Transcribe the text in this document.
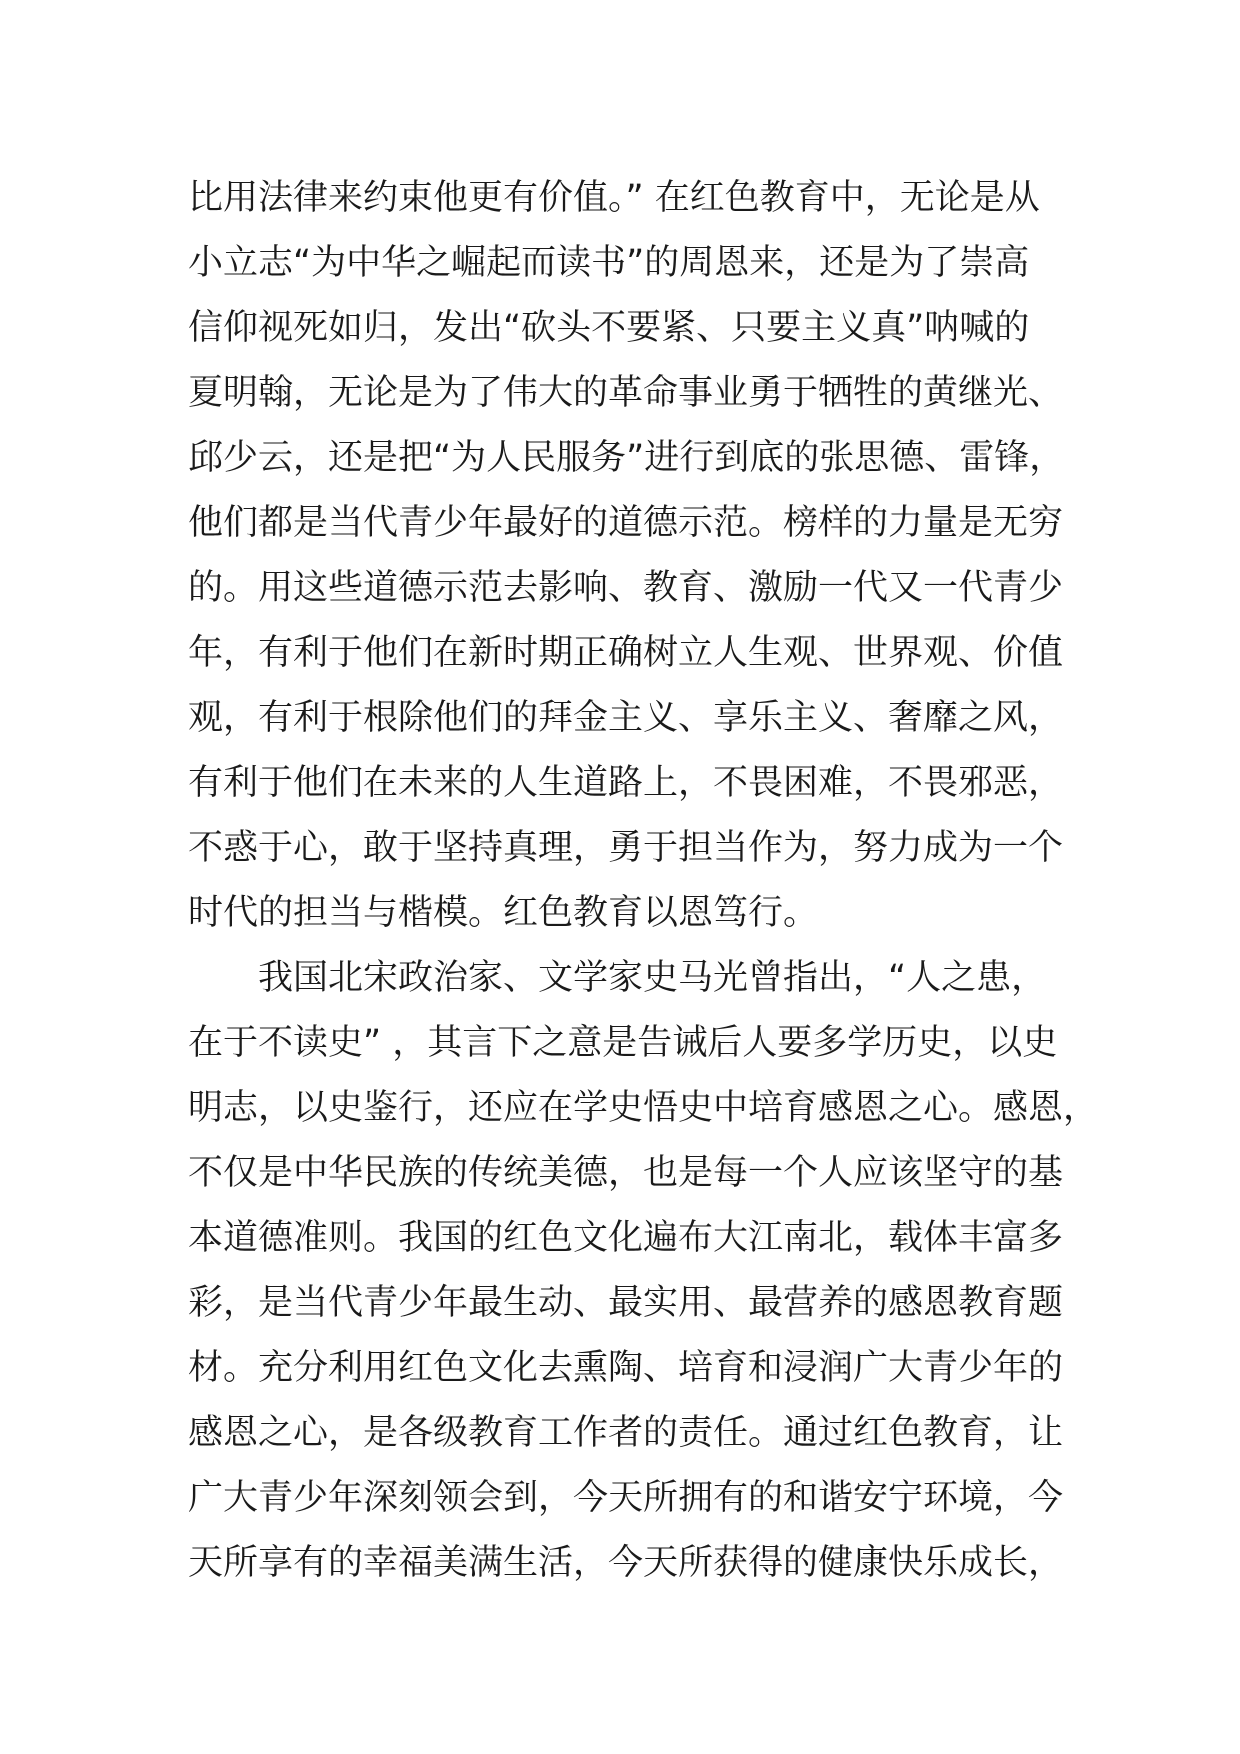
比用法律来约束他更有价值。” 在红色教育中，无论是从
小立志“为中华之崛起而读书”的周恩来，还是为了崇高
信仰视死如归，发出“砍头不要紧、只要主义真”呐喊的
夏明翰，无论是为了伟大的革命事业勇于牺牲的黄继光、
邱少云，还是把“为人民服务”进行到底的张思德、雷锋，
他们都是当代青少年最好的道德示范。榜样的力量是无穷
的。用这些道德示范去影响、教育、激励一代又一代青少
年，有利于他们在新时期正确树立人生观、世界观、价值
观，有利于根除他们的拜金主义、享乐主义、奢靡之风，
有利于他们在未来的人生道路上，不畏困难，不畏邪恶，
不惑于心，敢于坚持真理，勇于担当作为，努力成为一个
时代的担当与楷模。红色教育以恩笃行。
我国北宋政治家、文学家史马光曾指出，“人之患，
在于不读史” ，其言下之意是告诫后人要多学历史，以史
明志，以史鉴行，还应在学史悟史中培育感恩之心。感恩，
不仅是中华民族的传统美德，也是每一个人应该坚守的基
本道德准则。我国的红色文化遍布大江南北，载体丰富多
彩，是当代青少年最生动、最实用、最营养的感恩教育题
材。充分利用红色文化去熏陶、培育和浸润广大青少年的
感恩之心，是各级教育工作者的责任。通过红色教育，让
广大青少年深刻领会到，今天所拥有的和谐安宁环境，今
天所享有的幸福美满生活，今天所获得的健康快乐成长，
